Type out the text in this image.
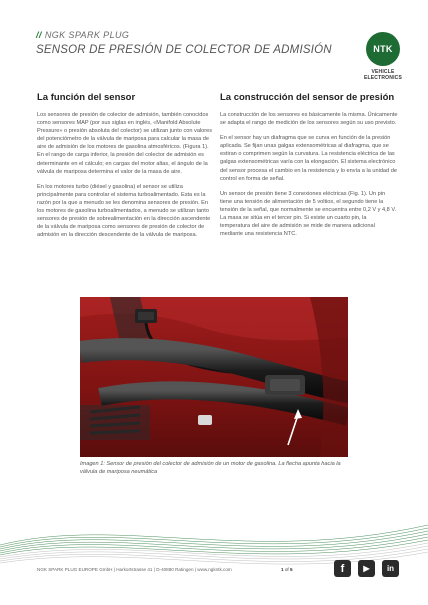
// NGK SPARK PLUG
SENSOR DE PRESIÓN DE COLECTOR DE ADMISIÓN	NTK
VEHICLE
ELECTRONICS
La función del sensor

Los sensores de presión de colector de admisión, también conocidos como sensores MAP (por sus siglas en inglés, «Manifold Absolute Pressure» o presión absoluta del colector) se utilizan junto con valores del potenciómetro de la válvula de mariposa para calcular la masa de aire de admisión de los motores de gasolina atmosféricos. (Figura 1). En el rango de carga inferior, la presión del colector de admisión es determinante en el cálculo; en cargas del motor altas, el ángulo de la válvula de mariposa determina el valor de la masa de aire.

En los motores turbo (diésel y gasolina) el sensor se utiliza principalmente para controlar el sistema turboalimentado. Esta es la razón por la que a menudo se les denomina sensores de presión. En los motores de gasolina turboalimentados, a menudo se utilizan tanto sensores de presión de sobrealimentación en la dirección ascendente de la válvula de mariposa como sensores de presión de colector de admisión en la dirección descendente de la válvula de mariposa.

La construcción del sensor de presión

La construcción de los sensores es básicamente la misma. Únicamente se adapta el rango de medición de los sensores según su uso previsto.

En el sensor hay un diafragma que se curva en función de la presión aplicada. Se fijan unas galgas extensométricas al diafragma, que se estiran o comprimen según la curvatura. La resistencia eléctrica de las galgas extensométricas varía con la elongación. El sistema electrónico del sensor procesa el cambio en la resistencia y lo envía a la unidad de control en forma de señal.

Un sensor de presión tiene 3 conexiones eléctricas (Fig. 1). Un pin tiene una tensión de alimentación de 5 voltios, el segundo tiene la tensión de la señal, que normalmente se encuentra entre 0,2 V y 4,8 V. La masa se sitúa en el tercer pin. Si existe un cuarto pin, la temperatura del aire de admisión se mide de manera adicional mediante una resistencia NTC.

Imagen 1: Sensor de presión del colector de admisión de un motor de gasolina. La flecha apunta hacia la válvula de mariposa neumática
NGK SPARK PLUG EUROPE GmbH | Harkortstrasse 41 | D-40880 Ratingen | www.ngkntk.com	1 of 5	f ▶ in
